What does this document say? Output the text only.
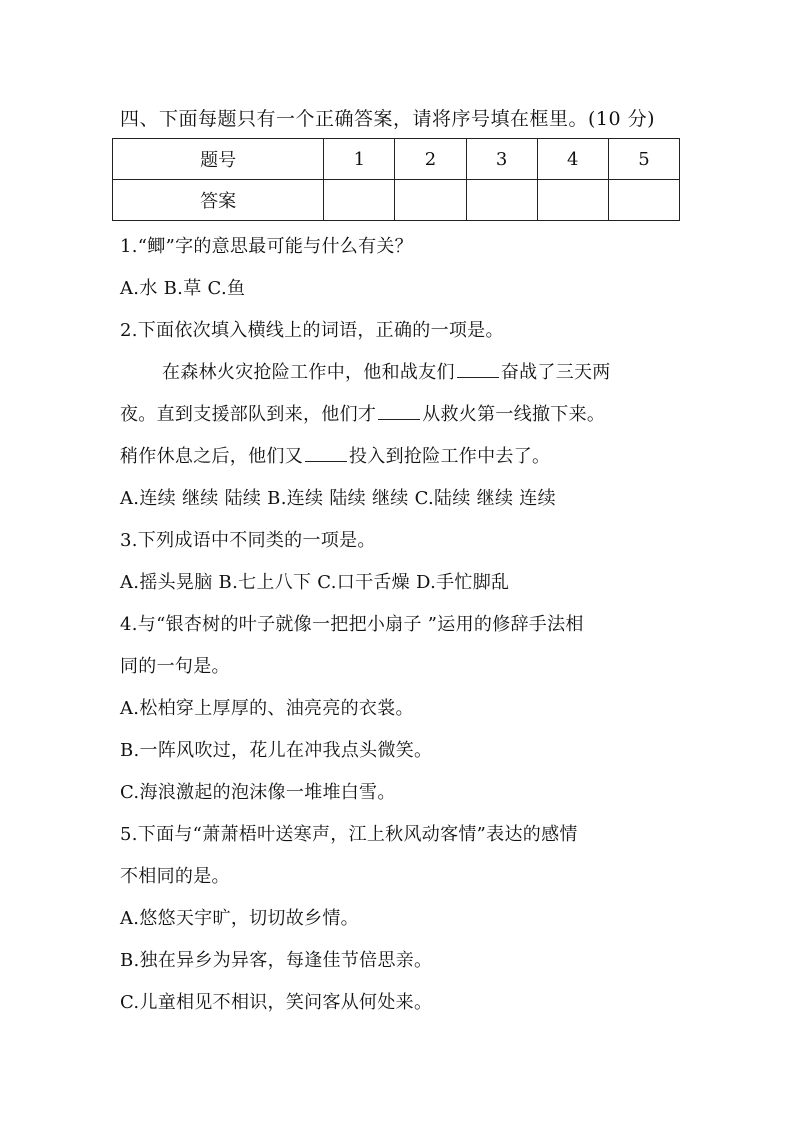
四、下面每题只有一个正确答案，请将序号填在框里。(10 分)
题号	1	2	3	4	5
答案					
1.“鲫”字的意思最可能与什么有关？
A.水 B.草 C.鱼
2.下面依次填入横线上的词语，正确的一项是。
在森林火灾抢险工作中，他和战友们	奋战了三天两
夜。直到支援部队到来，他们才	从救火第一线撤下来。
稍作休息之后，他们又	投入到抢险工作中去了。
A.连续 继续 陆续 B.连续 陆续 继续 C.陆续 继续 连续
3.下列成语中不同类的一项是。
A.摇头晃脑 B.七上八下 C.口干舌燥 D.手忙脚乱
4.与“银杏树的叶子就像一把把小扇子 ”运用的修辞手法相
同的一句是。
A.松柏穿上厚厚的、油亮亮的衣裳。
B.一阵风吹过，花儿在冲我点头微笑。
C.海浪激起的泡沫像一堆堆白雪。
5.下面与“萧萧梧叶送寒声，江上秋风动客情”表达的感情
不相同的是。
A.悠悠天宇旷，切切故乡情。
B.独在异乡为异客，每逢佳节倍思亲。
C.儿童相见不相识，笑问客从何处来。
